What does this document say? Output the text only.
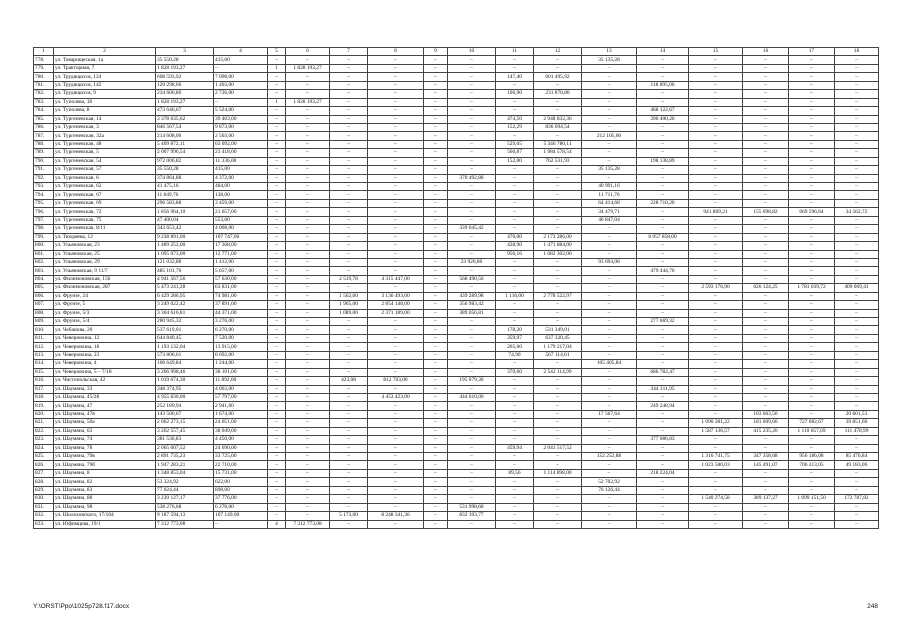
1	2	3	4	5	6	7	8	9	10	11	12	13	14	15	16	17	18
778.	ул. Товарищеская, 1а	35 550,28	415,00	–	–	–	–	–	–	–	–	35 135,28	–	–	–	–	–
779.	ул. Тракторная, 7	1 828 193,27	–	1	1 828 193,27	–	–	–	–	–	–	–	–	–	–	–	–
780.	ул. Трудящихся, 124	608 593,92	7 098,00	–	–	–	–	–	–	147,40	601 495,92	–	–	–	–	–	–
781.	ул. Трудящихся, 142	120 298,06	1 403,00	–	–	–	–	–	–	–	–	–	118 895,06	–	–	–	–
782.	ул. Трудящихся, 9	234 606,80	2 736,00	–	–	–	–	–	–	106,90	231 870,80	–	–	–	–	–	–
783.	ул. Туполева, 18	1 828 193,27	–	1	1 828 193,27	–	–	–	–	–	–	–	–	–	–	–	–
784.	ул. Туполева, 8	473 646,67	5 524,00	–	–	–	–	–	–	–	–	–	468 122,67	–	–	–	–
785.	ул. Тургеневская, 14	3 378 635,62	39 403,00	–	–	–	–	–	–	474,50	2 948 832,36	–	390 400,26	–	–	–	–
786.	ул. Тургеневская, 3	846 567,54	9 873,00	–	–	–	–	–	–	152,29	836 694,54	–	–	–	–	–	–
787.	ул. Тургеневская, 32а	214 608,00	2 503,00	–	–	–	–	–	–	–	–	212 105,00	–	–	–	–	–
788.	ул. Тургеневская, 48	5 409 872,11	63 092,00	–	–	–	–	–	–	529,65	5 346 780,11	–	–	–	–	–	–
789.	ул. Тургеневская, 5	2 007 996,54	23 418,00	–	–	–	–	–	–	560,87	1 984 578,54	–	–	–	–	–	–
790.	ул. Тургеневская, 54	972 006,82	11 336,00	–	–	–	–	–	–	152,00	762 531,93	–	198 138,89	–	–	–	–
791.	ул. Тургеневская, 57	35 550,28	415,00	–	–	–	–	–	–	–	–	35 135,28	–	–	–	–	–
792.	ул. Тургеневская, 6	374 864,88	4 372,00	–	–	–	–	–	370 492,88	–	–	–	–	–	–	–	–
793.	ул. Тургеневская, 62	41 475,16	484,00	–	–	–	–	–	–	–	–	40 991,16	–	–	–	–	–
794.	ул. Тургеневская, 67	11 849,76	138,00	–	–	–	–	–	–	–	–	11 711,76	–	–	–	–	–
795.	ул. Тургеневская, 69	296 583,88	3 459,00	–	–	–	–	–	–	–	–	64 414,68	228 710,20	–	–	–	–
796.	ул. Тургеневская, 72	1 856 964,10	21 657,00	–	–	–	–	–	–	–	–	34 479,71	–	941 869,21	155 098,82	669 596,64	34 562,72
797.	ул. Тургеневская, 75	47 400,04	553,00	–	–	–	–	–	–	–	–	46 847,04	–	–	–	–	–
798.	ул. Тургеневская, 8/11	343 653,42	4 008,00	–	–	–	–	–	339 645,42	–	–	–	–	–	–	–	–
799.	ул. Тюхряева, 12	9 238 891,00	107 747,00	–	–	–	–	–	–	470,00	2 173 286,00	–	6 957 858,00	–	–	–	–
800.	ул. Ульяновская, 23	1 489 252,00	17 368,00	–	–	–	–	–	–	428,90	1 471 884,00	–	–	–	–	–	–
801.	ул. Ульяновская, 25	1 095 073,00	12 771,00	–	–	–	–	–	–	956,16	1 082 302,00	–	–	–	–	–	–
802.	ул. Ульяновская, 29	121 032,88	1 412,00	–	–	–	–	–	23 926,80	–	–	93 694,08	–	–	–	–	–
803.	ул. Ульяновская, 9 11/7	485 101,76	5 657,00	–	–	–	–	–	–	–	–	–	479 444,76	–	–	–	–
804.	ул. Филимоновская, 156	4 941 567,56	57 630,00	–	–	2 519,78	4 315 447,00	–	568 490,56	–	–	–	–	–	–	–	–
805.	ул. Филимоновская, 287	5 473 241,28	63 831,00	–	–	–	–	–	–	–	–	–	–	2 593 176,90	626 124,25	1 781 039,72	409 069,41
806.	ул. Фрунзе, 24	6 429 286,95	74 981,00	–	–	1 562,00	3 136 493,00	–	439 289,98	1 116,00	2 778 522,97	–	–	–	–	–	–
807.	ул. Фрунзе, 5	3 249 022,42	37 891,00	–	–	1 965,00	2 854 148,00	–	356 983,42	–	–	–	–	–	–	–	–
808.	ул. Фрунзе, 5/3	3 304 616,81	44 371,00	–	–	1 089,00	2 371 189,00	–	389 056,81	–	–	–	–	–	–	–	–
809.	ул. Фрунзе, 5/4	280 945,32	3 276,00	–	–	–	–	–	–	–	–	–	277 669,32	–	–	–	–
810.	ул. Чебанова, 20	537 619,01	6 270,00	–	–	–	–	–	–	178,20	531 349,01	–	–	–	–	–	–
811.	ул. Чеверюкина, 12	644 840,45	7 520,00	–	–	–	–	–	–	359,97	637 320,45	–	–	–	–	–	–
812.	ул. Чеверюкина, 18	1 193 132,04	13 915,00	–	–	–	–	–	–	265,60	1 179 217,04	–	–	–	–	–	–
813.	ул. Чеверюкина, 23	573 806,61	6 692,00	–	–	–	–	–	–	74,90	567 114,61	–	–	–	–	–	–
814.	ул. Чеверюкина, 4	106 649,84	1 244,00	–	–	–	–	–	–	–	–	105 405,84	–	–	–	–	–
815.	ул. Чеверюкина, 5 – 7/18	3 266 998,46	38 101,00	–	–	–	–	–	–	370,60	2 542 114,99	–	686 782,47	–	–	–	–
816.	ул. Чистопольская, 42	1 019 674,30	11 892,00	–	–	423,08	812 703,00	–	195 079,30	–	–	–	–	–	–	–	–
817.	ул. Шаумяна, 33	348 374,95	4 063,00	–	–	–	–	–	–	–	–	–	344 311,95	–	–	–	–
818.	ул. Шаумяна, 45/28	4 955 830,00	57 797,00	–	–	–	4 453 423,00	–	444 610,00	–	–	–	–	–	–	–	–
819.	ул. Шаумяна, 47	252 189,94	2 941,00	–	–	–	–	–	–	–	–	–	249 248,94	–	–	–	–
820.	ул. Шаумяна, 47в	143 506,67	1 674,00	–	–	–	–	–	–	–	–	17 567,64	–	–	103 663,50	–	20 601,53
821.	ул. Шаумяна, 50а	2 062 273,15	24 051,00	–	–	–	–	–	–	–	–	–	–	1 090 281,22	181 009,66	727 082,67	39 851,60
822.	ул. Шаумяна, 63	3 262 557,45	38 049,00	–	–	–	–	–	–	–	–	–	–	1 587 136,57	415 235,20	1 110 657,69	111 478,99
823.	ул. Шаумяна, 74	381 536,83	4 450,00	–	–	–	–	–	–	–	–	–	377 086,83	–	–	–	–
824.	ул. Шаумяна, 78	2 065 607,52	24 090,00	–	–	–	–	–	–	459,94	2 041 517,52	–	–	–	–	–	–
825.	ул. Шаумяна, 79в	2 891 735,23	33 725,00	–	–	–	–	–	–	–	–	152 252,88	–	1 316 741,75	347 358,68	956 186,08	85 470,84
826.	ул. Шаумяна, 79б	1 947 283,21	22 710,00	–	–	–	–	–	–	–	–	–	–	1 023 586,03	145 491,07	706 313,05	49 183,06
827.	ул. Шаумяна, 8	1 348 853,04	15 731,00	–	–	–	–	–	–	89,56	1 114 898,00	–	218 224,04	–	–	–	–
828.	ул. Шаумяна, 82	53 324,92	622,00	–	–	–	–	–	–	–	–	52 702,92	–	–	–	–	–
829.	ул. Шаумяна, 83	77 024,44	898,00	–	–	–	–	–	–	–	–	76 126,44	–	–	–	–	–
830.	ул. Шаумяна, 88	3 239 127,17	37 776,00	–	–	–	–	–	–	–	–	–	–	1 540 274,58	389 137,27	1 099 151,50	172 787,82
831.	ул. Шаумяна, 98	538 276,68	6 278,00	–	–	–	–	–	531 998,68	–	–	–	–	–	–	–	–
832.	ул. Шолоховского, 17/104	9 187 594,13	107 149,00	–	–	5 173,00	8 248 341,36	–	832 103,77	–	–	–	–	–	–	–	–
833.	ул. Юфимцева, 19/1	7 312 773,08	–	4	7 312 773,08	–	–	–	–	–	–	–	–	–	–	–	–
Y:\ORST\Ppo\1025p728.f17.docx	248
